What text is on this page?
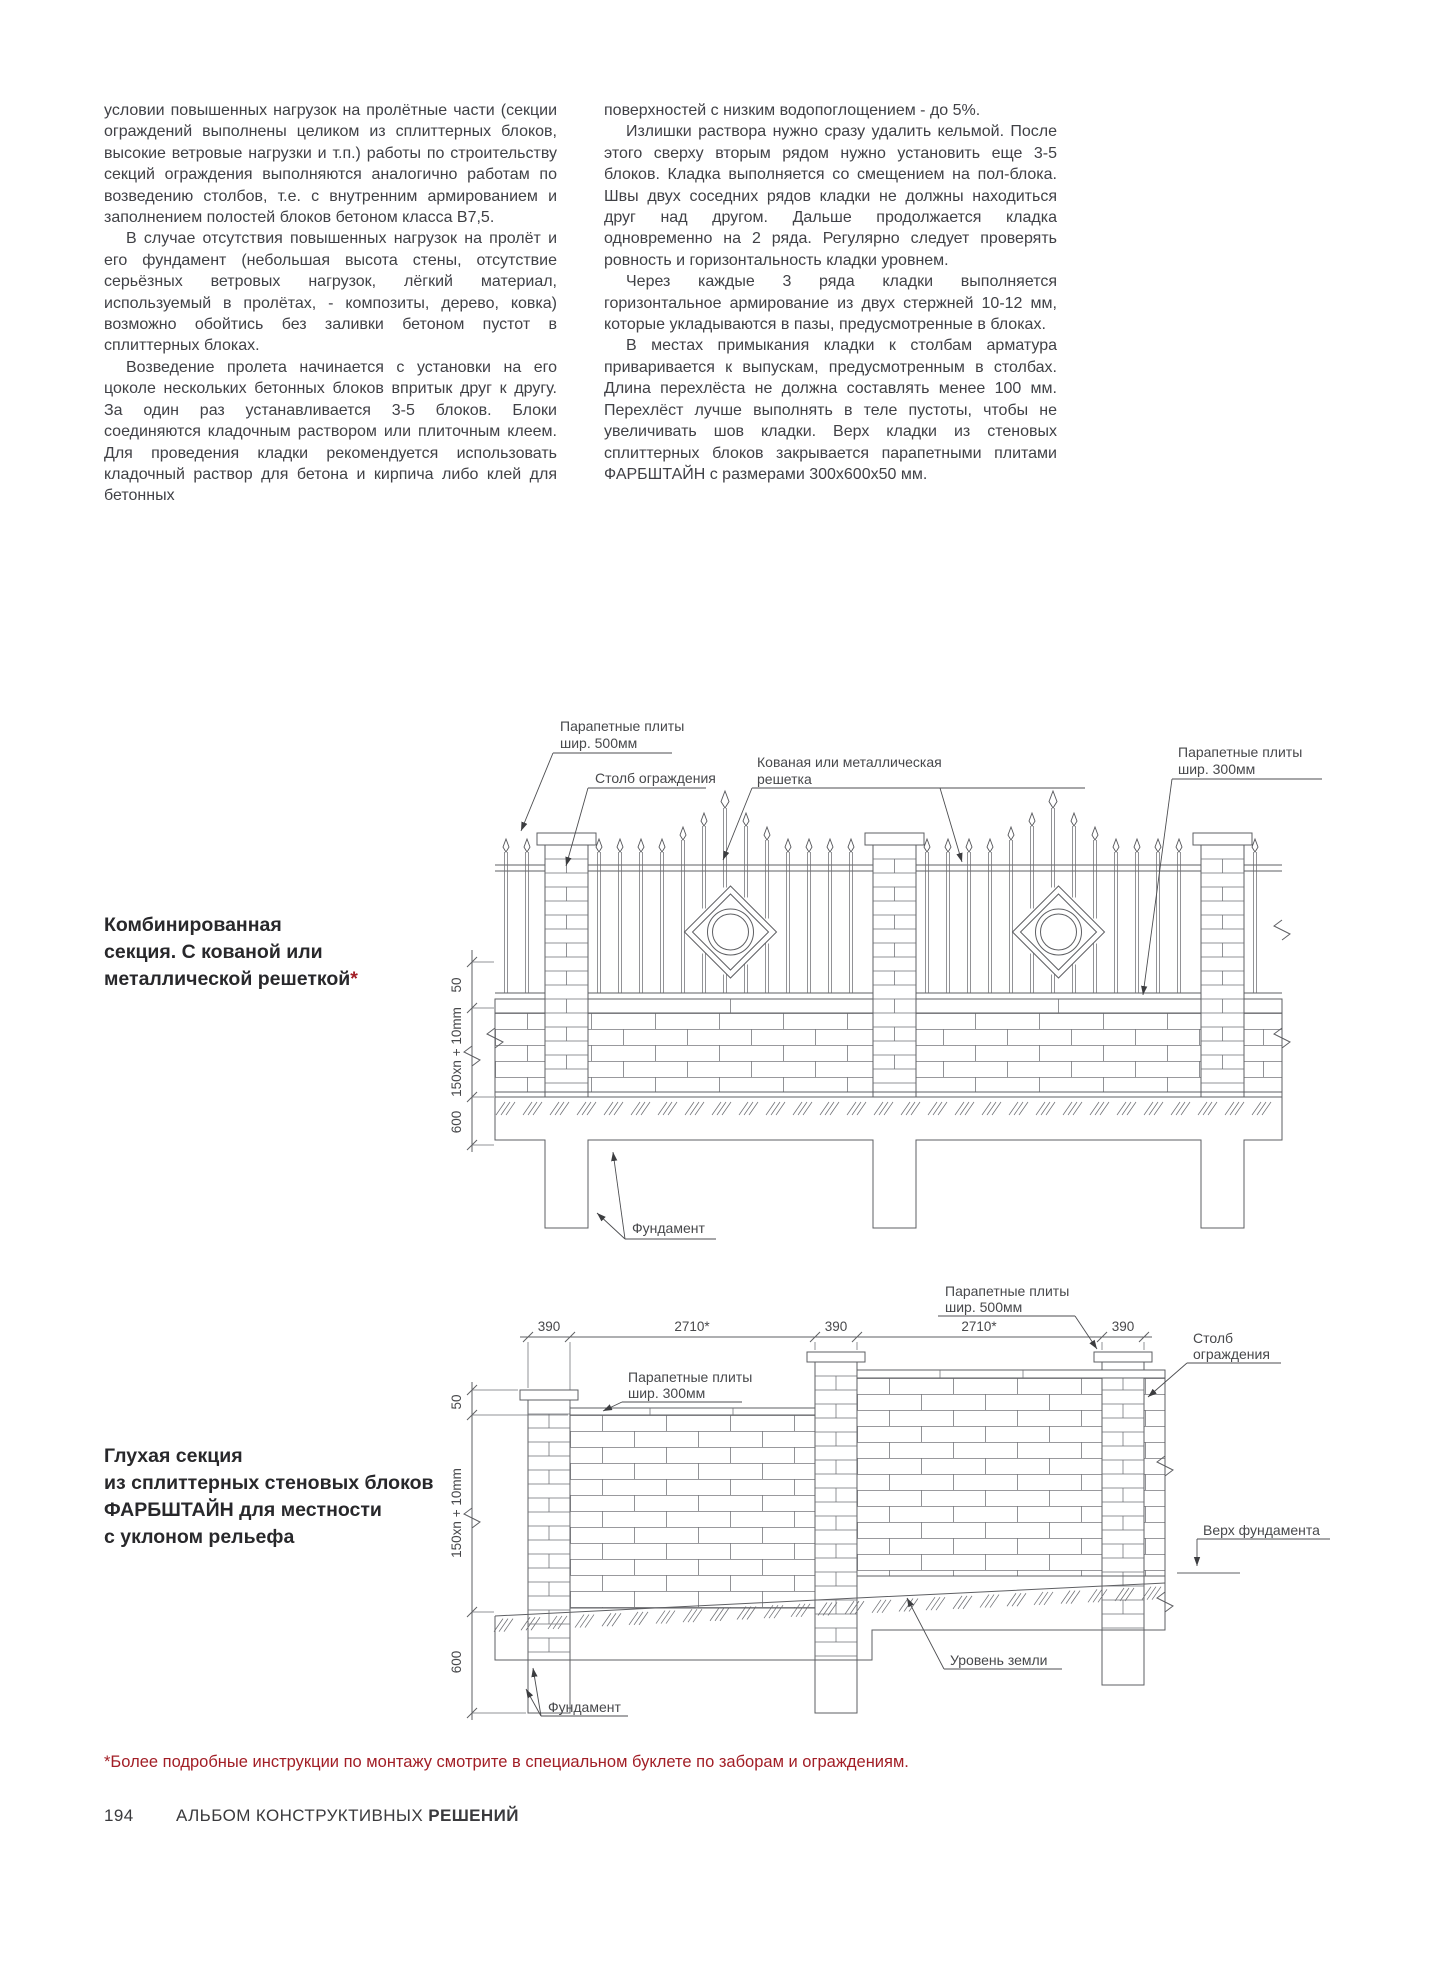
условии повышенных нагрузок на пролётные части (секции ограждений выполнены целиком из сплиттерных блоков, высокие ветровые нагрузки и т.п.) работы по строительству секций ограждения выполняются аналогично работам по возведению столбов, т.е. с внутренним армированием и заполнением полостей блоков бетоном класса В7,5.

В случае отсутствия повышенных нагрузок на пролёт и его фундамент (небольшая высота стены, отсутствие серьёзных ветровых нагрузок, лёгкий материал, используемый в пролётах, - композиты, дерево, ковка) возможно обойтись без заливки бетоном пустот в сплиттерных блоках.

Возведение пролета начинается с установки на его цоколе нескольких бетонных блоков впритык друг к другу. За один раз устанавливается 3-5 блоков. Блоки соединяются кладочным раствором или плиточным клеем. Для проведения кладки рекомендуется использовать кладочный раствор для бетона и кирпича либо клей для бетонных

поверхностей с низким водопоглощением - до 5%.

Излишки раствора нужно сразу удалить кельмой. После этого сверху вторым рядом нужно установить еще 3-5 блоков. Кладка выполняется со смещением на пол-блока. Швы двух соседних рядов кладки не должны находиться друг над другом. Дальше продолжается кладка одновременно на 2 ряда. Регулярно следует проверять ровность и горизонтальность кладки уровнем.

Через каждые 3 ряда кладки выполняется горизонтальное армирование из двух стержней 10-12 мм, которые укладываются в пазы, предусмотренные в блоках.

В местах примыкания кладки к столбам арматура приваривается к выпускам, предусмотренным в столбах. Длина перехлёста не должна составлять менее 100 мм. Перехлёст лучше выполнять в теле пустоты, чтобы не увеличивать шов кладки. Верх кладки из стеновых сплиттерных блоков закрывается парапетными плитами ФАРБШТАЙН с размерами 300х600х50 мм.

Комбинированная
секция. С кованой или
металлической решеткой*	50
150xn + 10mm
600
Парапетные плиты
шир. 500мм
Столб ограждения
Кованая или металлическая
решетка
Парапетные плиты
шир. 300мм
Фундамент
Глухая секция
из сплиттерных стеновых блоков
ФАРБШТАЙН для местности
с уклоном рельефа
390	2710*	390	2710*	390
50
150xn + 10mm
600
Парапетные плиты
шир. 500мм
Парапетные плиты
шир. 300мм
Столб
ограждения
Верх фундамента
Уровень земли
Фундамент
*Более подробные инструкции по монтажу смотрите в специальном буклете по заборам и ограждениям.
194 АЛЬБОМ КОНСТРУКТИВНЫХ РЕШЕНИЙ
